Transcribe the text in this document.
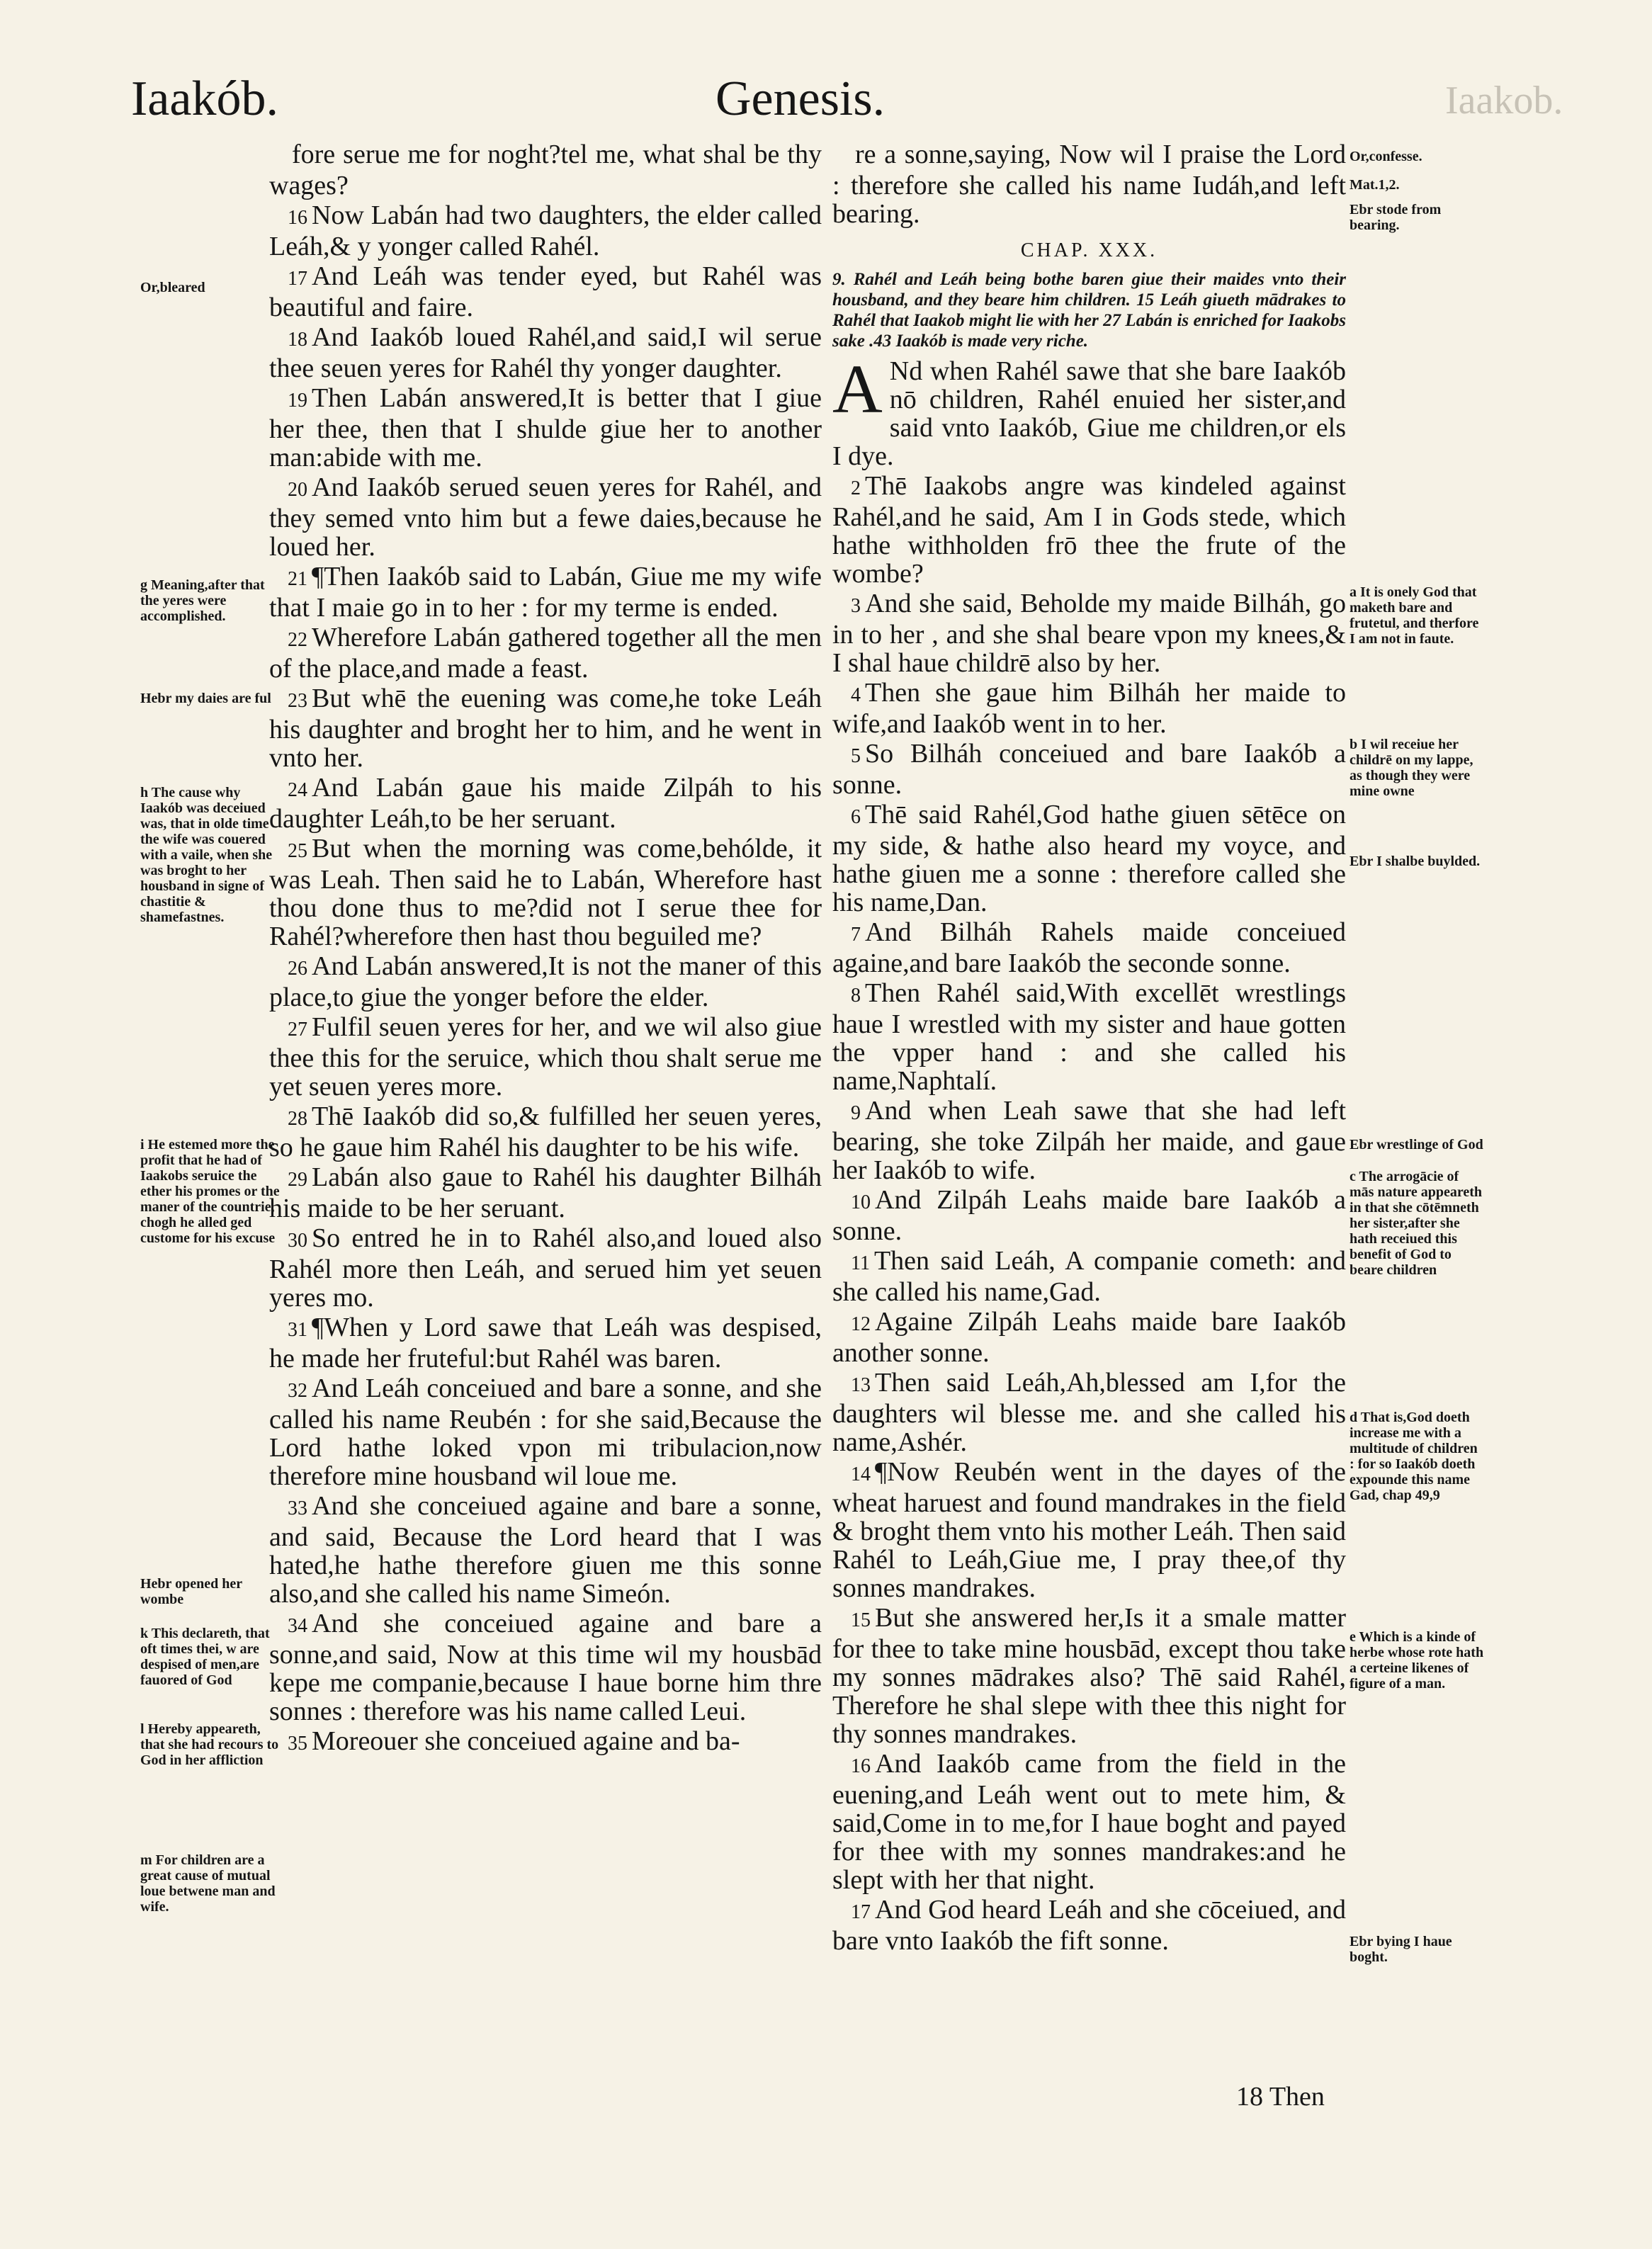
Iaakób.	Genesis.	Iaakob.

fore serue me for noght?tel me, what shal be thy wages?

16 Now Labán had two daughters, the elder called Leáh,& y yonger called Rahél.

17 And Leáh was tender eyed, but Rahél was beautiful and faire.

18 And Iaakób loued Rahél,and said,I wil serue thee seuen yeres for Rahél thy yonger daughter.

19 Then Labán answered,It is better that I giue her thee, then that I shulde giue her to another man:abide with me.

20 And Iaakób serued seuen yeres for Rahél, and they semed vnto him but a fewe daies,because he loued her.

21 ¶Then Iaakób said to Labán, Giue me my wife that I maie go in to her : for my terme is ended.

22 Wherefore Labán gathered together all the men of the place,and made a feast.

23 But whē the euening was come,he toke Leáh his daughter and broght her to him, and he went in vnto her.

24 And Labán gaue his maide Zilpáh to his daughter Leáh,to be her seruant.

25 But when the morning was come,behólde, it was Leah. Then said he to Labán, Wherefore hast thou done thus to me?did not I serue thee for Rahél?wherefore then hast thou beguiled me?

26 And Labán answered,It is not the maner of this place,to giue the yonger before the elder.

27 Fulfil seuen yeres for her, and we wil also giue thee this for the seruice, which thou shalt serue me yet seuen yeres more.

28 Thē Iaakób did so,& fulfilled her seuen yeres, so he gaue him Rahél his daughter to be his wife.

29 Labán also gaue to Rahél his daughter Bilháh his maide to be her seruant.

30 So entred he in to Rahél also,and loued also Rahél more then Leáh, and serued him yet seuen yeres mo.

31 ¶When y Lord sawe that Leáh was despised, he made her fruteful:but Rahél was baren.

32 And Leáh conceiued and bare a sonne, and she called his name Reubén : for she said,Because the Lord hathe loked vpon mi tribulacion,now therefore mine housband wil loue me.

33 And she conceiued againe and bare a sonne, and said, Because the Lord heard that I was hated,he hathe therefore giuen me this sonne also,and she called his name Simeón.

34 And she conceiued againe and bare a sonne,and said, Now at this time wil my housbād kepe me companie,because I haue borne him thre sonnes : therefore was his name called Leui.

35 Moreouer she conceiued againe and ba-

re a sonne,saying, Now wil I praise the Lord : therefore she called his name Iudáh,and left bearing.

CHAP. XXX.
9. Rahél and Leáh being bothe baren giue their maides vnto their housband, and they beare him children. 15 Leáh giueth mādrakes to Rahél that Iaakob might lie with her 27 Labán is enriched for Iaakobs sake .43 Iaakób is made very riche.

A Nd when Rahél sawe that she bare Iaakób nō children, Rahél enuied her sister,and said vnto Iaakób, Giue me children,or els I dye.

2 Thē Iaakobs angre was kindeled against Rahél,and he said, Am I in Gods stede, which hathe withholden frō thee the frute of the wombe?

3 And she said, Beholde my maide Bilháh, go in to her , and she shal beare vpon my knees,& I shal haue childrē also by her.

4 Then she gaue him Bilháh her maide to wife,and Iaakób went in to her.

5 So Bilháh conceiued and bare Iaakób a sonne.

6 Thē said Rahél,God hathe giuen sētēce on my side, & hathe also heard my voyce, and hathe giuen me a sonne : therefore called she his name,Dan.

7 And Bilháh Rahels maide conceiued againe,and bare Iaakób the seconde sonne.

8 Then Rahél said,With excellēt wrestlings haue I wrestled with my sister and haue gotten the vpper hand : and she called his name,Naphtalí.

9 And when Leah sawe that she had left bearing, she toke Zilpáh her maide, and gaue her Iaakób to wife.

10 And Zilpáh Leahs maide bare Iaakób a sonne.

11 Then said Leáh, A companie cometh: and she called his name,Gad.

12 Againe Zilpáh Leahs maide bare Iaakób another sonne.

13 Then said Leáh,Ah,blessed am I,for the daughters wil blesse me. and she called his name,Ashér.

14 ¶Now Reubén went in the dayes of the wheat haruest and found mandrakes in the field & broght them vnto his mother Leáh. Then said Rahél to Leáh,Giue me, I pray thee,of thy sonnes mandrakes.

15 But she answered her,Is it a smale matter for thee to take mine housbād, except thou take my sonnes mādrakes also? Thē said Rahél, Therefore he shal slepe with thee this night for thy sonnes mandrakes.

16 And Iaakób came from the field in the euening,and Leáh went out to mete him, & said,Come in to me,for I haue boght and payed for thee with my sonnes mandrakes:and he slept with her that night.

17 And God heard Leáh and she cōceiued, and bare vnto Iaakób the fift sonne.

18 Then
Or,bleared
g Meaning,after that the yeres were accomplished.
Hebr my daies are ful
h The cause why Iaakób was deceiued was, that in olde time the wife was couered with a vaile, when she was broght to her housband in signe of chastitie & shamefastnes.
i He estemed more the profit that he had of Iaakobs seruice the ether his promes or the maner of the countrie, chogh he alled ged custome for his excuse
Hebr opened her wombe
k This declareth, that oft times thei, w are despised of men,are fauored of God
l Hereby appeareth, that she had recours to God in her affliction
m For children are a great cause of mutual loue betwene man and wife.
Or,confesse.
Mat.1,2.
Ebr stode from bearing.
a It is onely God that maketh bare and frutetul, and therfore I am not in faute.
b I wil receiue her childrē on my lappe, as though they were mine owne
Ebr I shalbe buylded.
Ebr wrestlinge of God
c The arrogācie of mās nature appeareth in that she cōtēmneth her sister,after she hath receiued this benefit of God to beare children
d That is,God doeth increase me with a multitude of children : for so Iaakób doeth expounde this name Gad, chap 49,9
e Which is a kinde of herbe whose rote hath a certeine likenes of figure of a man.
Ebr bying I haue boght.
